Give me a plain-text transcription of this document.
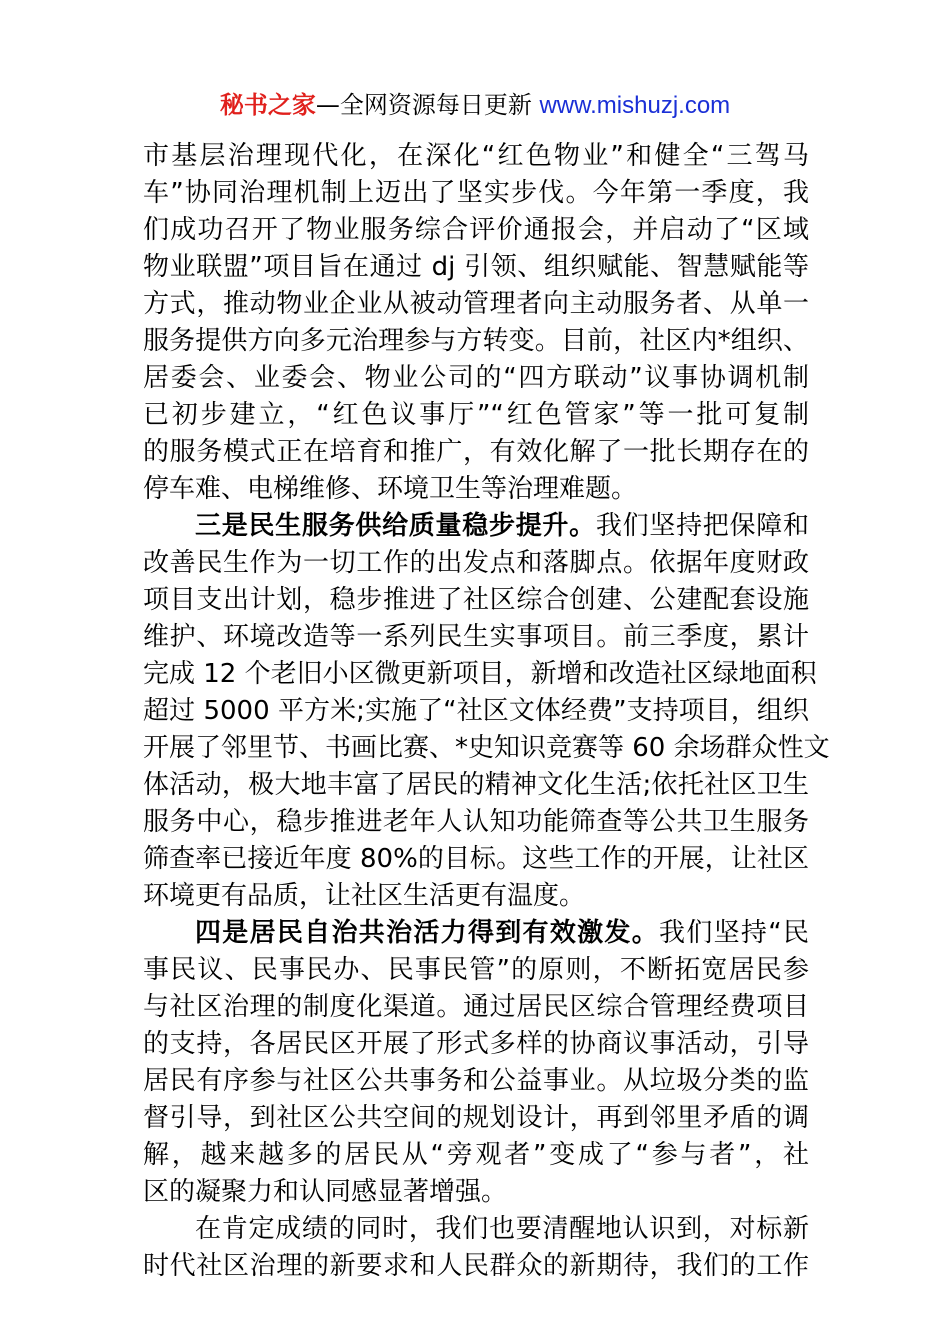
秘书之家—全网资源每日更新 www.mishuzj.com
市基层治理现代化，在深化“红色物业”和健全“三驾马
车”协同治理机制上迈出了坚实步伐。今年第一季度，我
们成功召开了物业服务综合评价通报会，并启动了“区域
物业联盟”项目旨在通过 dj 引领、组织赋能、智慧赋能等
方式，推动物业企业从被动管理者向主动服务者、从单一
服务提供方向多元治理参与方转变。目前，社区内*组织、
居委会、业委会、物业公司的“四方联动”议事协调机制
已初步建立，“红色议事厅”“红色管家”等一批可复制
的服务模式正在培育和推广，有效化解了一批长期存在的
停车难、电梯维修、环境卫生等治理难题。
三是民生服务供给质量稳步提升。我们坚持把保障和
改善民生作为一切工作的出发点和落脚点。依据年度财政
项目支出计划，稳步推进了社区综合创建、公建配套设施
维护、环境改造等一系列民生实事项目。前三季度，累计
完成 12 个老旧小区微更新项目，新增和改造社区绿地面积
超过 5000 平方米;实施了“社区文体经费”支持项目，组织
开展了邻里节、书画比赛、*史知识竞赛等 60 余场群众性文
体活动，极大地丰富了居民的精神文化生活;依托社区卫生
服务中心，稳步推进老年人认知功能筛查等公共卫生服务
筛查率已接近年度 80%的目标。这些工作的开展，让社区
环境更有品质，让社区生活更有温度。
四是居民自治共治活力得到有效激发。我们坚持“民
事民议、民事民办、民事民管”的原则，不断拓宽居民参
与社区治理的制度化渠道。通过居民区综合管理经费项目
的支持，各居民区开展了形式多样的协商议事活动，引导
居民有序参与社区公共事务和公益事业。从垃圾分类的监
督引导，到社区公共空间的规划设计，再到邻里矛盾的调
解，越来越多的居民从“旁观者”变成了“参与者”，社
区的凝聚力和认同感显著增强。
在肯定成绩的同时，我们也要清醒地认识到，对标新
时代社区治理的新要求和人民群众的新期待，我们的工作
